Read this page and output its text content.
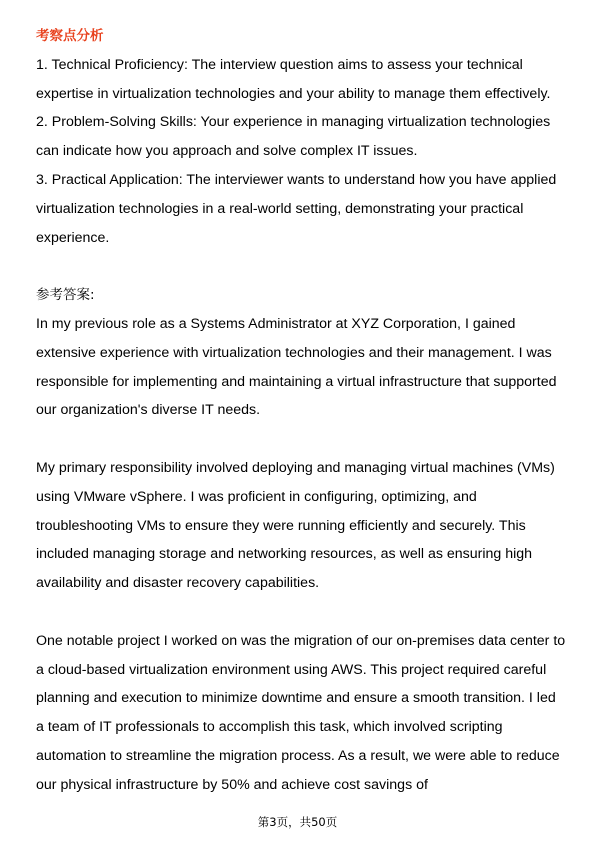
考察点分析

1. Technical Proficiency: The interview question aims to assess your technical expertise in virtualization technologies and your ability to manage them effectively.

2. Problem-Solving Skills: Your experience in managing virtualization technologies can indicate how you approach and solve complex IT issues.

3. Practical Application: The interviewer wants to understand how you have applied virtualization technologies in a real-world setting, demonstrating your practical experience.

参考答案:

In my previous role as a Systems Administrator at XYZ Corporation, I gained extensive experience with virtualization technologies and their management. I was responsible for implementing and maintaining a virtual infrastructure that supported our organization's diverse IT needs.

My primary responsibility involved deploying and managing virtual machines (VMs) using VMware vSphere. I was proficient in configuring, optimizing, and troubleshooting VMs to ensure they were running efficiently and securely. This included managing storage and networking resources, as well as ensuring high availability and disaster recovery capabilities.

One notable project I worked on was the migration of our on-premises data center to a cloud-based virtualization environment using AWS. This project required careful planning and execution to minimize downtime and ensure a smooth transition. I led a team of IT professionals to accomplish this task, which involved scripting automation to streamline the migration process. As a result, we were able to reduce our physical infrastructure by 50% and achieve cost savings of

第3页，共50页
